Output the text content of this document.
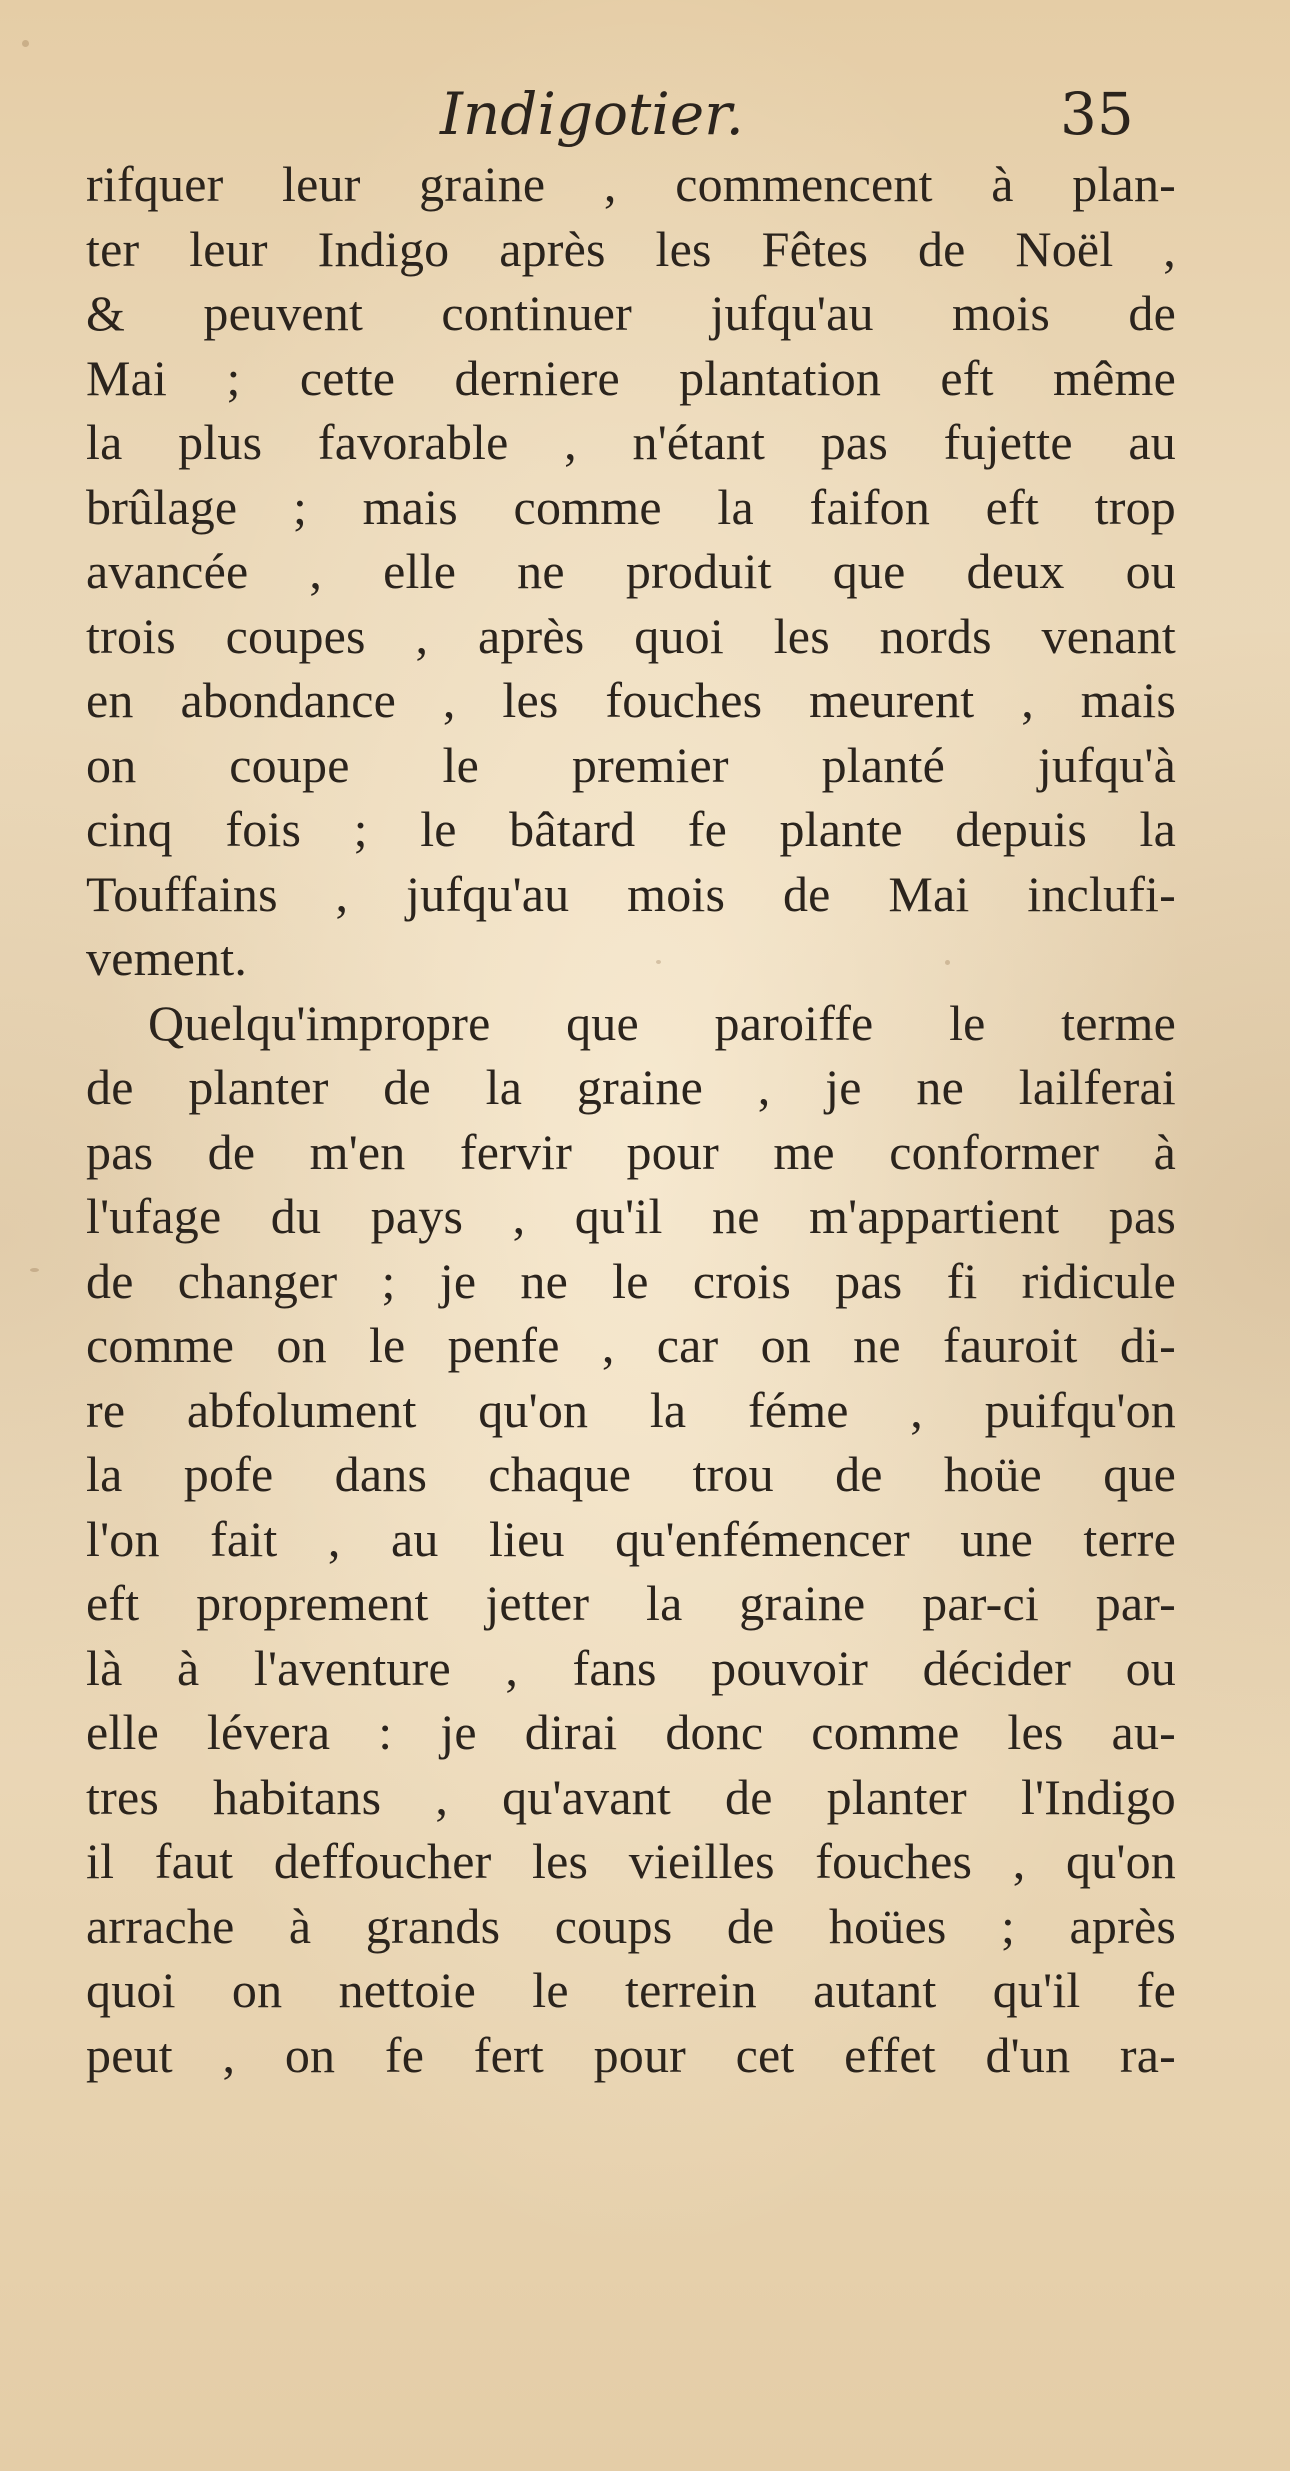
Indigotier.	35
rifquer leur graine , commencent à plan-
ter leur Indigo après les Fêtes de Noël ,
& peuvent continuer jufqu'au mois de
Mai ; cette derniere plantation eft même
la plus favorable , n'étant pas fujette au
brûlage ; mais comme la faifon eft trop
avancée , elle ne produit que deux ou
trois coupes , après quoi les nords venant
en abondance , les fouches meurent , mais
on coupe le premier planté jufqu'à
cinq fois ; le bâtard fe plante depuis la
Touffains , jufqu'au mois de Mai inclufi-
vement.
Quelqu'impropre que paroiffe le terme
de planter de la graine , je ne lailferai
pas de m'en fervir pour me conformer à
l'ufage du pays , qu'il ne m'appartient pas
de changer ; je ne le crois pas fi ridicule
comme on le penfe , car on ne fauroit di-
re abfolument qu'on la féme , puifqu'on
la pofe dans chaque trou de hoüe que
l'on fait , au lieu qu'enfémencer une terre
eft proprement jetter la graine par-ci par-
là à l'aventure , fans pouvoir décider ou
elle lévera : je dirai donc comme les au-
tres habitans , qu'avant de planter l'Indigo
il faut deffoucher les vieilles fouches , qu'on
arrache à grands coups de hoües ; après
quoi on nettoie le terrein autant qu'il fe
peut , on fe fert pour cet effet d'un ra-
